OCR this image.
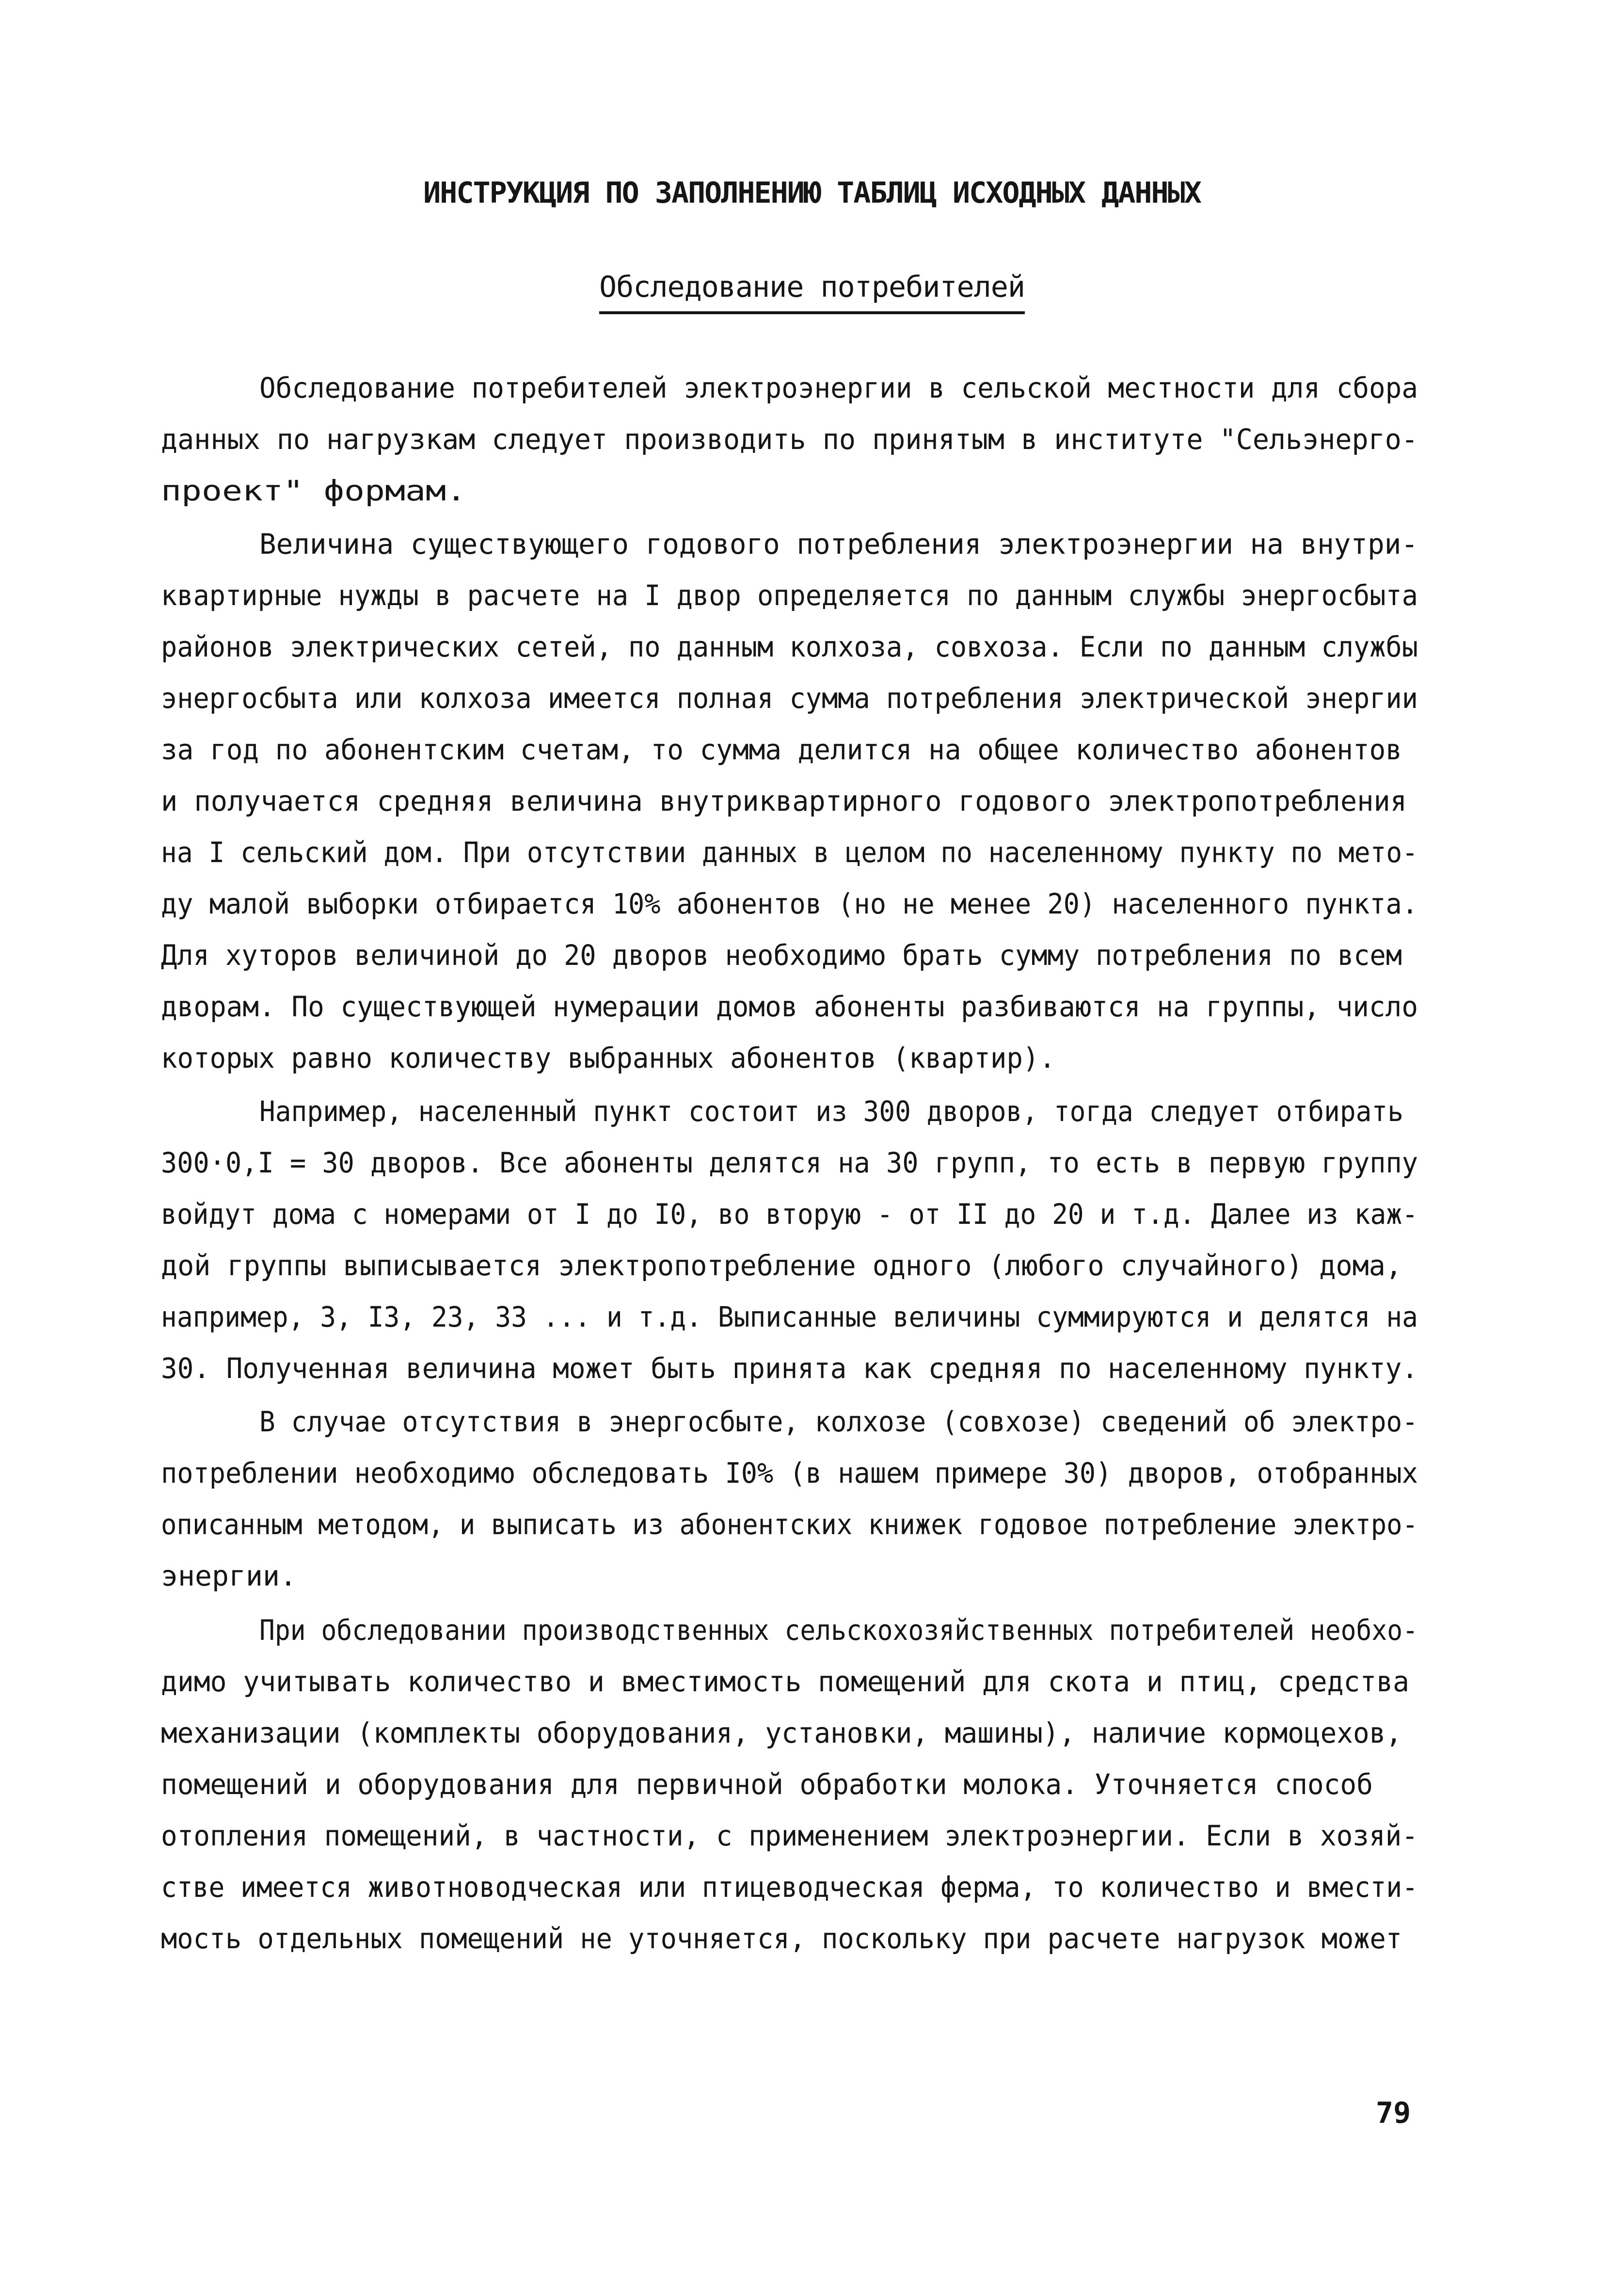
ИНСТРУКЦИЯ ПО ЗАПОЛНЕНИЮ ТАБЛИЦ ИСХОДНЫХ ДАННЫХ
Обследование потребителей
Обследование потребителей электроэнергии в сельской местности для сбора
данных по нагрузкам следует производить по принятым в институте "Сельэнерго-
проект" формам.
Величина существующего годового потребления электроэнергии на внутри-
квартирные нужды в расчете на I двор определяется по данным службы энергосбыта
районов электрических сетей, по данным колхоза, совхоза. Если по данным службы
энергосбыта или колхоза имеется полная сумма потребления электрической энергии
за год по абонентским счетам, то сумма делится на общее количество абонентов
и получается средняя величина внутриквартирного годового электропотребления
на I сельский дом. При отсутствии данных в целом по населенному пункту по мето-
ду малой выборки отбирается 10% абонентов (но не менее 20) населенного пункта.
Для хуторов величиной до 20 дворов необходимо брать сумму потребления по всем
дворам. По существующей нумерации домов абоненты разбиваются на группы, число
которых равно количеству выбранных абонентов (квартир).
Например, населенный пункт состоит из 300 дворов, тогда следует отбирать
300·0,I = 30 дворов. Все абоненты делятся на 30 групп, то есть в первую группу
войдут дома с номерами от I до I0, во вторую - от II до 20 и т.д. Далее из каж-
дой группы выписывается электропотребление одного (любого случайного) дома,
например, 3, I3, 23, 33 ... и т.д. Выписанные величины суммируются и делятся на
30. Полученная величина может быть принята как средняя по населенному пункту.
В случае отсутствия в энергосбыте, колхозе (совхозе) сведений об электро-
потреблении необходимо обследовать I0% (в нашем примере 30) дворов, отобранных
описанным методом, и выписать из абонентских книжек годовое потребление электро-
энергии.
При обследовании производственных сельскохозяйственных потребителей необхо-
димо учитывать количество и вместимость помещений для скота и птиц, средства
механизации (комплекты оборудования, установки, машины), наличие кормоцехов,
помещений и оборудования для первичной обработки молока. Уточняется способ
отопления помещений, в частности, с применением электроэнергии. Если в хозяй-
стве имеется животноводческая или птицеводческая ферма, то количество и вмести-
мость отдельных помещений не уточняется, поскольку при расчете нагрузок может
79
